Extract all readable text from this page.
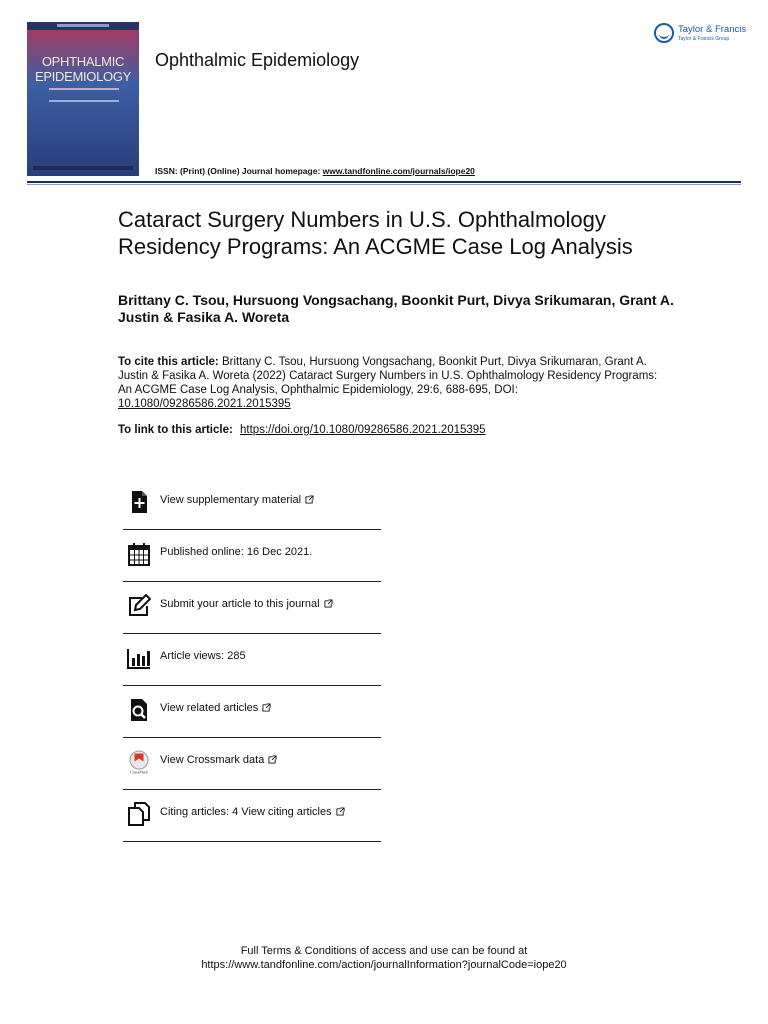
OPHTHALMIC
EPIDEMIOLOGY
Ophthalmic Epidemiology
Taylor & Francis
Taylor & Francis Group
ISSN: (Print) (Online) Journal homepage: www.tandfonline.com/journals/iope20
Cataract Surgery Numbers in U.S. Ophthalmology Residency Programs: An ACGME Case Log Analysis
Brittany C. Tsou, Hursuong Vongsachang, Boonkit Purt, Divya Srikumaran, Grant A. Justin & Fasika A. Woreta
To cite this article: Brittany C. Tsou, Hursuong Vongsachang, Boonkit Purt, Divya Srikumaran, Grant A. Justin & Fasika A. Woreta (2022) Cataract Surgery Numbers in U.S. Ophthalmology Residency Programs: An ACGME Case Log Analysis, Ophthalmic Epidemiology, 29:6, 688-695, DOI: 10.1080/09286586.2021.2015395
To link to this article: https://doi.org/10.1080/09286586.2021.2015395
View supplementary material
Published online: 16 Dec 2021.
Submit your article to this journal
Article views: 285
View related articles
CrossMark
View Crossmark data
Citing articles: 4 View citing articles
Full Terms & Conditions of access and use can be found at
https://www.tandfonline.com/action/journalInformation?journalCode=iope20
